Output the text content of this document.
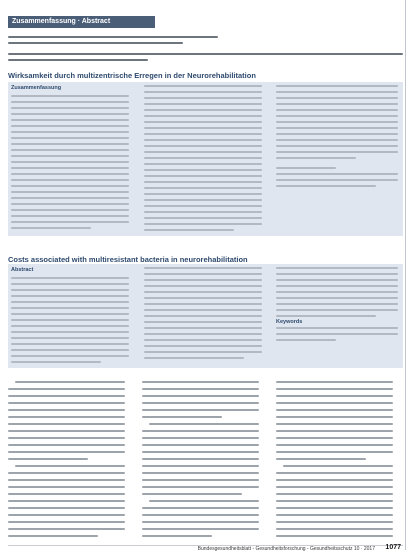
Zusammenfassung · Abstract
Wirksamkeit durch multizentrische Erregen in der Neurorehabilitation
Zusammenfassung
Costs associated with multiresistant bacteria in neurorehabilitation
Abstract
Keywords
Bundesgesundheitsblatt - Gesundheitsforschung - Gesundheitsschutz 10 · 2017 1077
